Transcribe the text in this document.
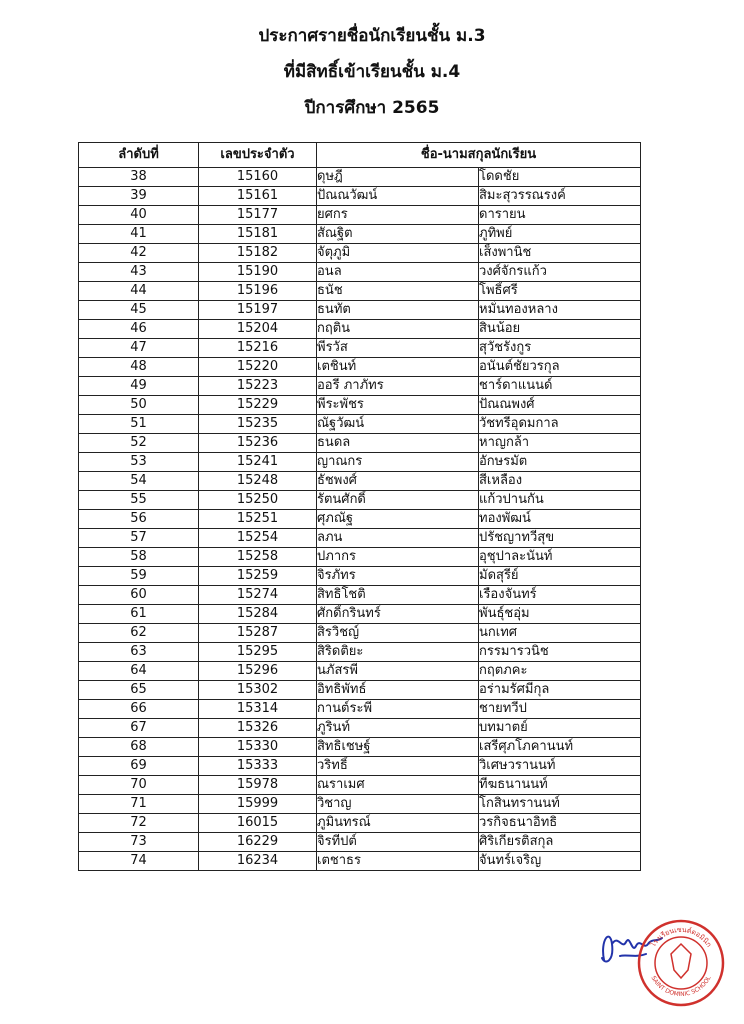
ประกาศรายชื่อนักเรียนชั้น ม.3
ที่มีสิทธิ์เข้าเรียนชั้น ม.4
ปีการศึกษา 2565
ลำดับที่	เลขประจำตัว	ชื่อ-นามสกุลนักเรียน	
38	15160	ดุษฎี	โดดชัย
39	15161	ปัณณวัฒน์	สิมะสุวรรณรงค์
40	15177	ยศกร	ดารายน
41	15181	สัณฐิต	ภูทิพย์
42	15182	จัตุภูมิ	เส็งพานิช
43	15190	อนล	วงศ์จักรแก้ว
44	15196	ธนัช	โพธิ์ศรี
45	15197	ธนทัต	หมั่นทองหลาง
46	15204	กฤติน	สินน้อย
47	15216	พีรวัส	สุวัชรังกูร
48	15220	เตชินท์	อนันต์ชัยวรกุล
49	15223	ออรี ภาภัทร	ชาร์ดาแนนด์
50	15229	พีระพัชร	ปัณณพงศ์
51	15235	ณัฐวัฒน์	วัชทรีอุดมกาล
52	15236	ธนดล	หาญกล้า
53	15241	ญาณกร	อักษรมัต
54	15248	ธัชพงศ์	สีเหลือง
55	15250	รัตนศักดิ์	แก้วปานกัน
56	15251	ศุภณัฐ	ทองพัฒน์
57	15254	ลภน	ปรัชญาทวีสุข
58	15258	ปภากร	อุชุปาละนันท์
59	15259	จิรภัทร	มัดสุรีย์
60	15274	สิทธิโชติ	เรืองจันทร์
61	15284	ศักดิ์กรินทร์	พันธุ์ชอุ่ม
62	15287	สิรวิชญ์	นกเทศ
63	15295	สิริดติยะ	กรรมารวนิช
64	15296	นภัสรพี	กฤตภคะ
65	15302	อิทธิพัทธ์	อร่ามรัศมีกุล
66	15314	กานต์ระพี	ชายทวีป
67	15326	ภูรินท์	บทมาตย์
68	15330	สิทธิเชษฐ์	เสรีศุภโภคานนท์
69	15333	วริทธิ์	วิเศษวรานนท์
70	15978	ณราเมศ	ทีฆธนานนท์
71	15999	วิชาญ	โกสินทรานนท์
72	16015	ภูมินทรณ์	วรกิจธนาอิทธิ
73	16229	จิรทีปต์	ศิริเกียรติสกุล
74	16234	เตชาธร	จันทร์เจริญ
โรงเรียนเซนต์ดอมินิก
SAINT DOMINIC SCHOOL
